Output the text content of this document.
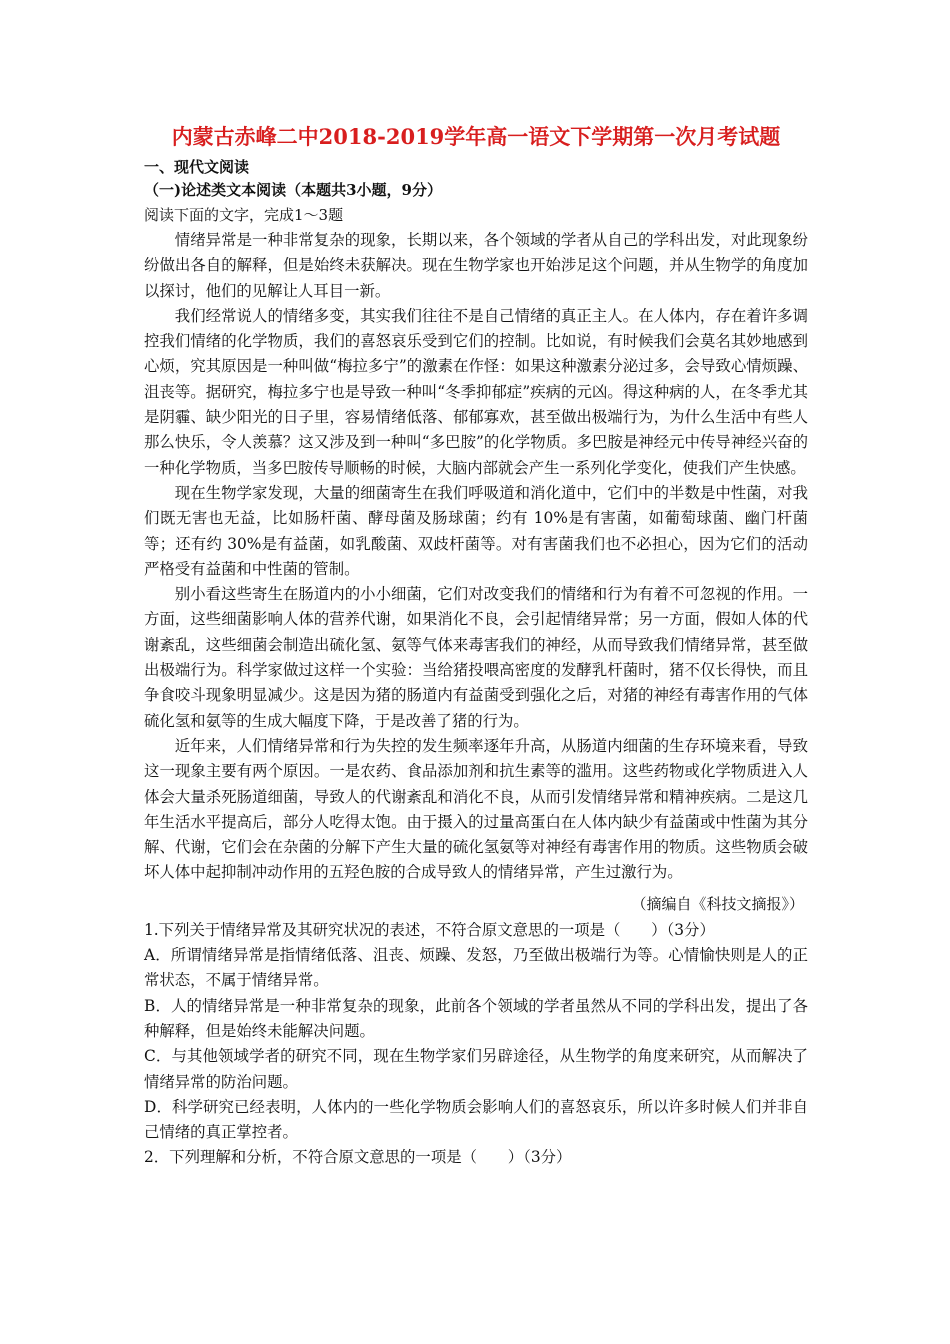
内蒙古赤峰二中2018-2019学年高一语文下学期第一次月考试题

一、现代文阅读

（一)论述类文本阅读（本题共3小题，9分）

阅读下面的文字，完成1～3题

情绪异常是一种非常复杂的现象，长期以来，各个领域的学者从自己的学科出发，对此现象纷纷做出各自的解释，但是始终未获解决。现在生物学家也开始涉足这个问题，并从生物学的角度加以探讨，他们的见解让人耳目一新。

我们经常说人的情绪多变，其实我们往往不是自己情绪的真正主人。在人体内，存在着许多调控我们情绪的化学物质，我们的喜怒哀乐受到它们的控制。比如说，有时候我们会莫名其妙地感到心烦，究其原因是一种叫做“梅拉多宁”的激素在作怪：如果这种激素分泌过多，会导致心情烦躁、沮丧等。据研究，梅拉多宁也是导致一种叫“冬季抑郁症”疾病的元凶。得这种病的人，在冬季尤其是阴霾、缺少阳光的日子里，容易情绪低落、郁郁寡欢，甚至做出极端行为，为什么生活中有些人那么快乐，令人羡慕？这又涉及到一种叫“多巴胺”的化学物质。多巴胺是神经元中传导神经兴奋的一种化学物质，当多巴胺传导顺畅的时候，大脑内部就会产生一系列化学变化，使我们产生快感。

现在生物学家发现，大量的细菌寄生在我们呼吸道和消化道中，它们中的半数是中性菌，对我们既无害也无益，比如肠杆菌、酵母菌及肠球菌；约有 10%是有害菌，如葡萄球菌、幽门杆菌等；还有约 30%是有益菌，如乳酸菌、双歧杆菌等。对有害菌我们也不必担心，因为它们的活动严格受有益菌和中性菌的管制。

别小看这些寄生在肠道内的小小细菌，它们对改变我们的情绪和行为有着不可忽视的作用。一方面，这些细菌影响人体的营养代谢，如果消化不良，会引起情绪异常；另一方面，假如人体的代谢紊乱，这些细菌会制造出硫化氢、氨等气体来毒害我们的神经，从而导致我们情绪异常，甚至做出极端行为。科学家做过这样一个实验：当给猪投喂高密度的发酵乳杆菌时，猪不仅长得快，而且争食咬斗现象明显减少。这是因为猪的肠道内有益菌受到强化之后，对猪的神经有毒害作用的气体硫化氢和氨等的生成大幅度下降，于是改善了猪的行为。

近年来，人们情绪异常和行为失控的发生频率逐年升高，从肠道内细菌的生存环境来看，导致这一现象主要有两个原因。一是农药、食品添加剂和抗生素等的滥用。这些药物或化学物质进入人体会大量杀死肠道细菌，导致人的代谢紊乱和消化不良，从而引发情绪异常和精神疾病。二是这几年生活水平提高后，部分人吃得太饱。由于摄入的过量高蛋白在人体内缺少有益菌或中性菌为其分解、代谢，它们会在杂菌的分解下产生大量的硫化氢氨等对神经有毒害作用的物质。这些物质会破坏人体中起抑制冲动作用的五羟色胺的合成导致人的情绪异常，产生过激行为。

（摘编自《科技文摘报》）

1.下列关于情绪异常及其研究状况的表述，不符合原文意思的一项是（　　）（3分）

A．所谓情绪异常是指情绪低落、沮丧、烦躁、发怒，乃至做出极端行为等。心情愉快则是人的正常状态，不属于情绪异常。

B．人的情绪异常是一种非常复杂的现象，此前各个领域的学者虽然从不同的学科出发，提出了各种解释，但是始终未能解决问题。

C．与其他领域学者的研究不同，现在生物学家们另辟途径，从生物学的角度来研究，从而解决了情绪异常的防治问题。

D．科学研究已经表明，人体内的一些化学物质会影响人们的喜怒哀乐，所以许多时候人们并非自己情绪的真正掌控者。

2．下列理解和分析，不符合原文意思的一项是（　　）（3分）
